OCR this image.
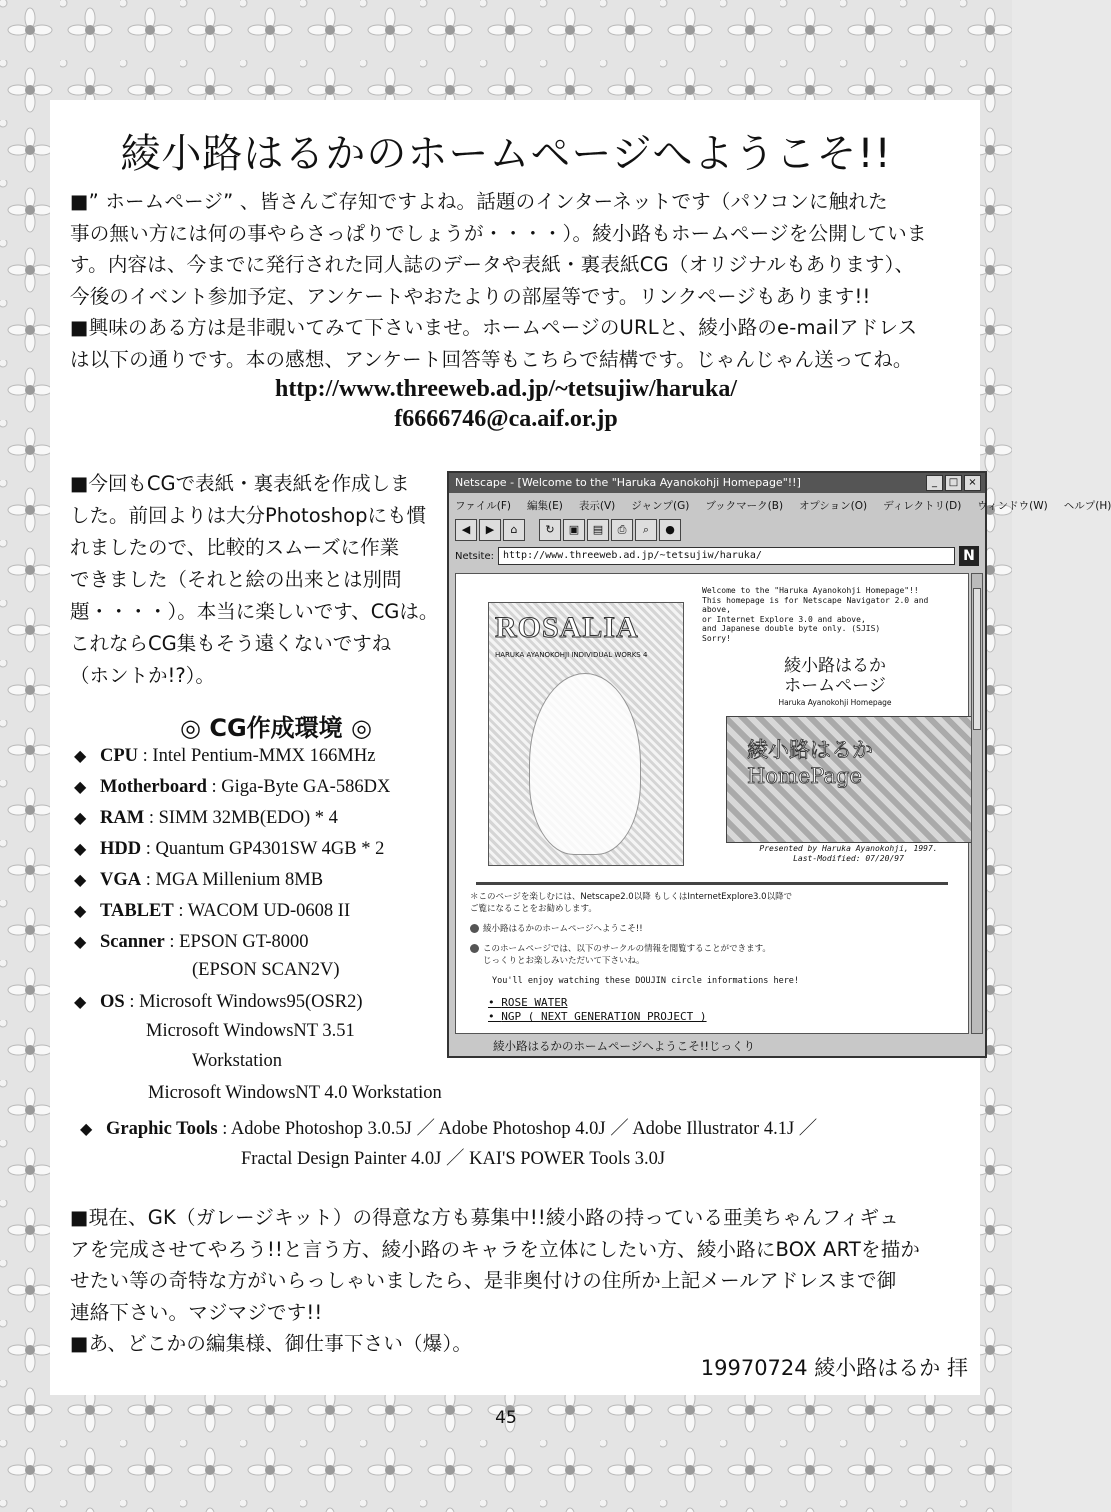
綾小路はるかのホームページへようこそ!!
■” ホームページ” 、皆さんご存知ですよね。話題のインターネットです（パソコンに触れた
事の無い方には何の事やらさっぱりでしょうが・・・・）。綾小路もホームページを公開していま
す。内容は、今までに発行された同人誌のデータや表紙・裏表紙CG（オリジナルもあります）、
今後のイベント参加予定、アンケートやおたよりの部屋等です。リンクページもあります!!
■興味のある方は是非覗いてみて下さいませ。ホームページのURLと、綾小路のe-mailアドレス
は以下の通りです。本の感想、アンケート回答等もこちらで結構です。じゃんじゃん送ってね。
http://www.threeweb.ad.jp/~tetsujiw/haruka/
f6666746@ca.aif.or.jp
■今回もCGで表紙・裏表紙を作成しま
した。前回よりは大分Photoshopにも慣
れましたので、比較的スムーズに作業
できました（それと絵の出来とは別問
題・・・・）。本当に楽しいです、CGは。
これならCG集もそう遠くないですね
（ホントか!?）。
◎ CG作成環境 ◎
◆ CPU : Intel Pentium-MMX 166MHz
◆ Motherboard : Giga-Byte GA-586DX
◆ RAM : SIMM 32MB(EDO) * 4
◆ HDD : Quantum GP4301SW 4GB * 2
◆ VGA : MGA Millenium 8MB
◆ TABLET : WACOM UD-0608 II
◆ Scanner : EPSON GT-8000
(EPSON SCAN2V)
◆ OS : Microsoft Windows95(OSR2)
Microsoft WindowsNT 3.51
Workstation
Microsoft WindowsNT 4.0 Workstation
◆ Graphic Tools : Adobe Photoshop 3.0.5J ／ Adobe Photoshop 4.0J ／ Adobe Illustrator 4.1J ／
Fractal Design Painter 4.0J ／ KAI'S POWER Tools 3.0J
Netscape - [Welcome to the "Haruka Ayanokohji Homepage"!!]	_	□	×
ファイル(F) 編集(E) 表示(V) ジャンプ(G) ブックマーク(B) オプション(O) ディレクトリ(D) ウィンドウ(W) ヘルプ(H)
◀	▶	⌂	↻	▣	▤	⎙	⌕	●
Netsite: http://www.threeweb.ad.jp/~tetsujiw/haruka/	N
ROSALIA
HARUKA AYANOKOHJI INDIVIDUAL WORKS 4
Welcome to the "Haruka Ayanokohji Homepage"!!
This homepage is for Netscape Navigator 2.0 and
above,
or Internet Explore 3.0 and above,
and Japanese double byte only. (SJIS)
Sorry!
綾小路はるか
ホームページ
Haruka Ayanokohji Homepage
綾小路はるか
HomePage
Presented by Haruka Ayanokohji, 1997.
Last-Modified: 07/20/97
＊このページを楽しむには、Netscape2.0以降 もしくはInternetExplore3.0以降で
ご覧になることをお勧めします。
綾小路はるかのホームページへようこそ!!
このホームページでは、以下のサークルの情報を閲覧することができます。
じっくりとお楽しみいただいて下さいね。
You'll enjoy watching these DOUJIN circle informations here!
• ROSE WATER
• NGP ( NEXT GENERATION PROJECT )
綾小路はるかのホームページへようこそ!!じっくり
■現在、GK（ガレージキット）の得意な方も募集中!!綾小路の持っている亜美ちゃんフィギュ
アを完成させてやろう!!と言う方、綾小路のキャラを立体にしたい方、綾小路にBOX ARTを描か
せたい等の奇特な方がいらっしゃいましたら、是非奥付けの住所か上記メールアドレスまで御
連絡下さい。マジマジです!!
■あ、どこかの編集様、御仕事下さい（爆）。
19970724 綾小路はるか 拝
45
